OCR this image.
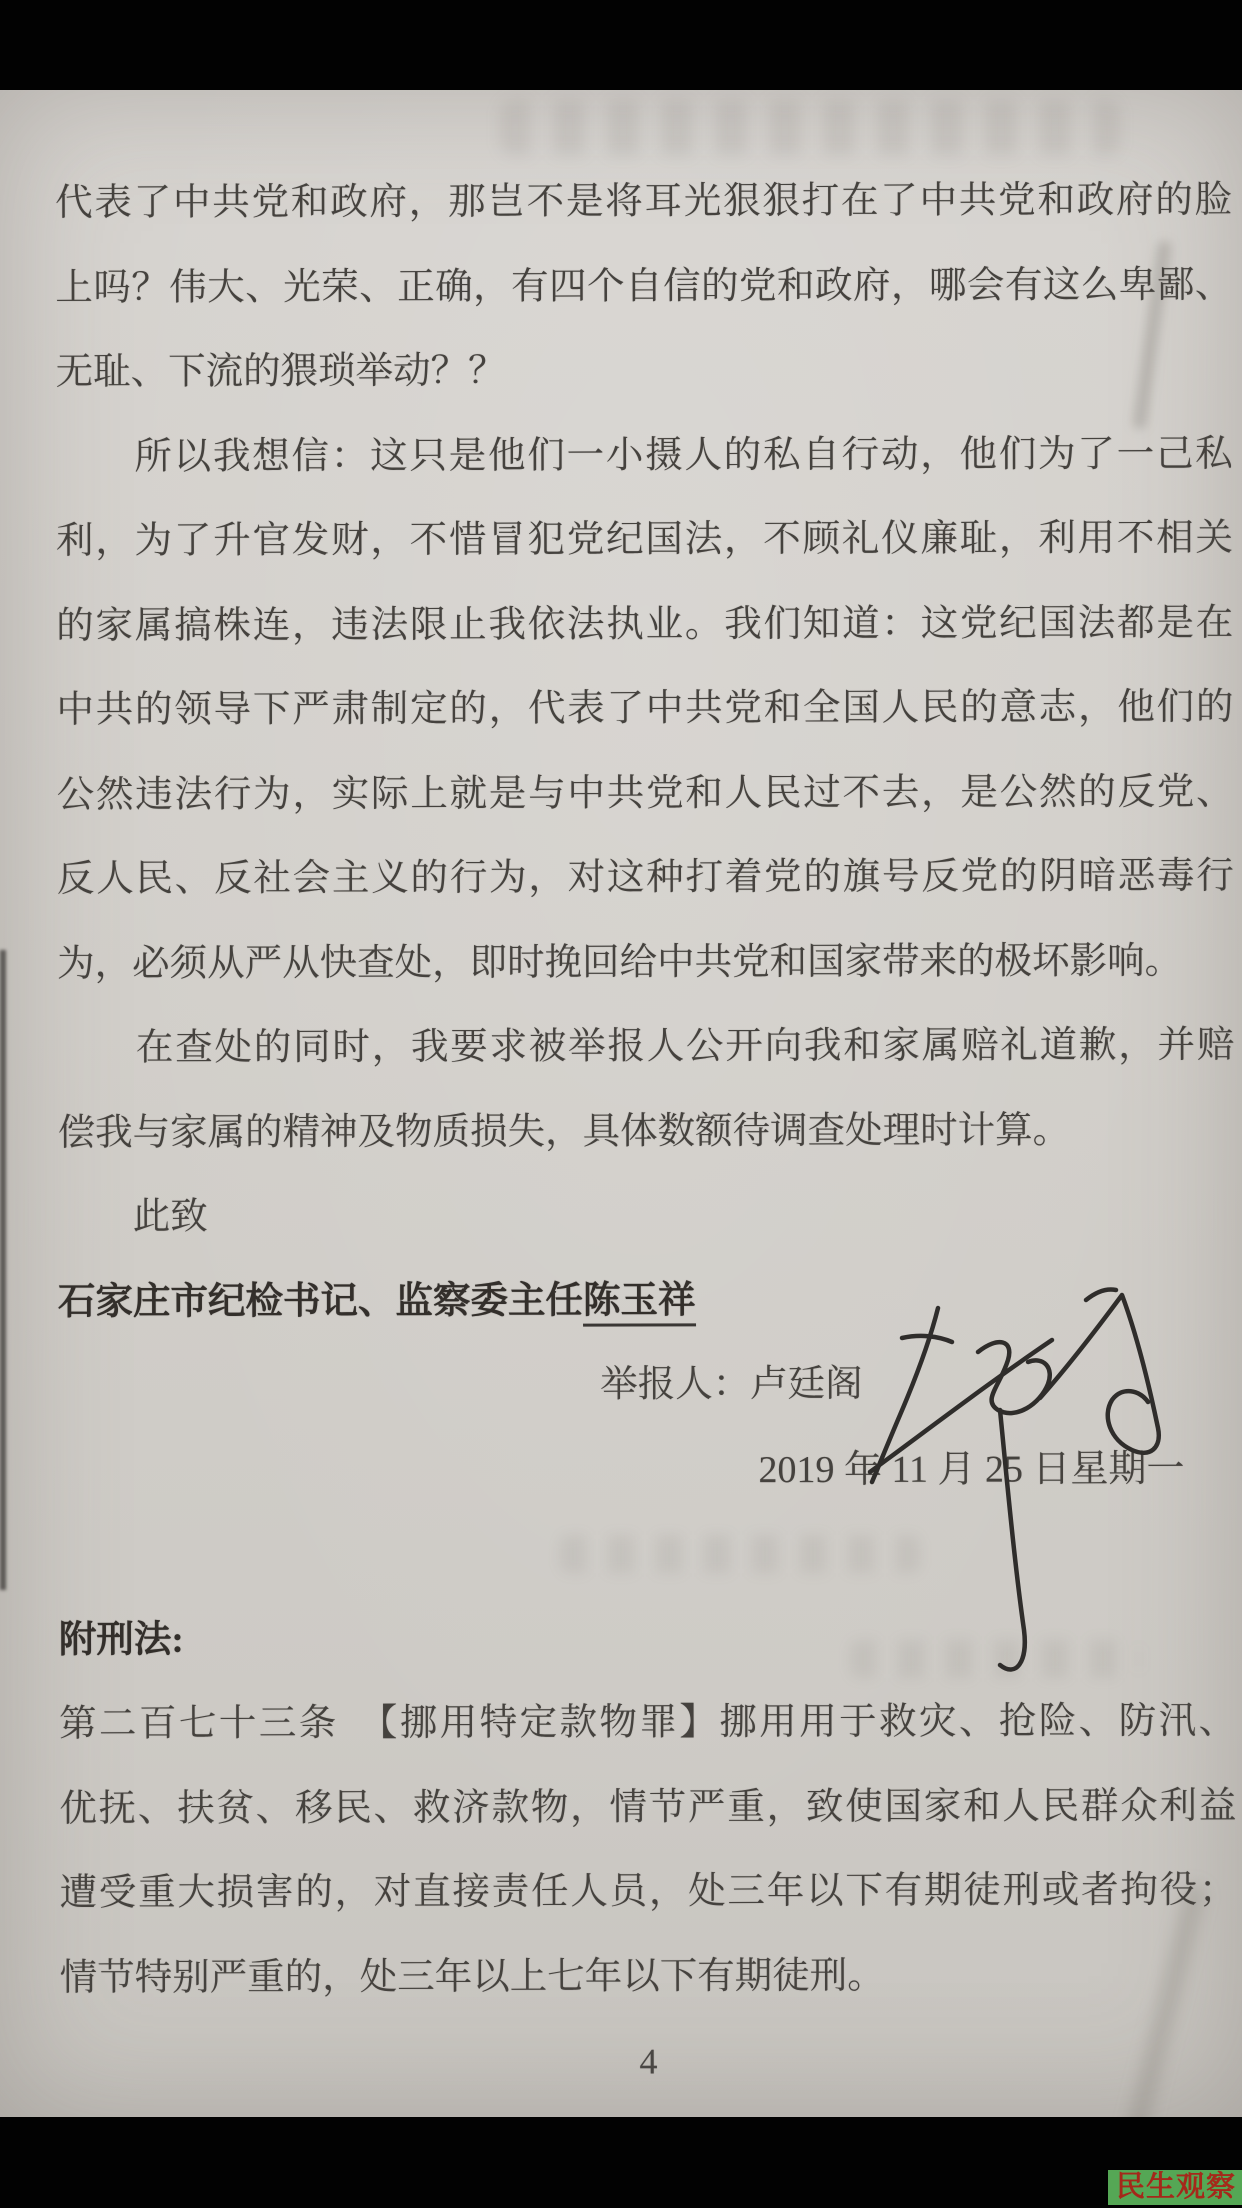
代表了中共党和政府，那岂不是将耳光狠狠打在了中共党和政府的脸
上吗？伟大、光荣、正确，有四个自信的党和政府，哪会有这么卑鄙、
无耻、下流的猥琐举动？？
　　所以我想信：这只是他们一小摄人的私自行动，他们为了一己私
利，为了升官发财，不惜冒犯党纪国法，不顾礼仪廉耻，利用不相关
的家属搞株连，违法限止我依法执业。我们知道：这党纪国法都是在
中共的领导下严肃制定的，代表了中共党和全国人民的意志，他们的
公然违法行为，实际上就是与中共党和人民过不去，是公然的反党、
反人民、反社会主义的行为，对这种打着党的旗号反党的阴暗恶毒行
为，必须从严从快查处，即时挽回给中共党和国家带来的极坏影响。
　　在查处的同时，我要求被举报人公开向我和家属赔礼道歉，并赔
偿我与家属的精神及物质损失，具体数额待调查处理时计算。
　　此致
石家庄市纪检书记、监察委主任陈玉祥
举报人：卢廷阁
2019 年 11 月 25 日星期一
附刑法:
第二百七十三条　【挪用特定款物罪】挪用用于救灾、抢险、防汛、
优抚、扶贫、移民、救济款物，情节严重，致使国家和人民群众利益
遭受重大损害的，对直接责任人员，处三年以下有期徒刑或者拘役；
情节特别严重的，处三年以上七年以下有期徒刑。
4
民生观察
